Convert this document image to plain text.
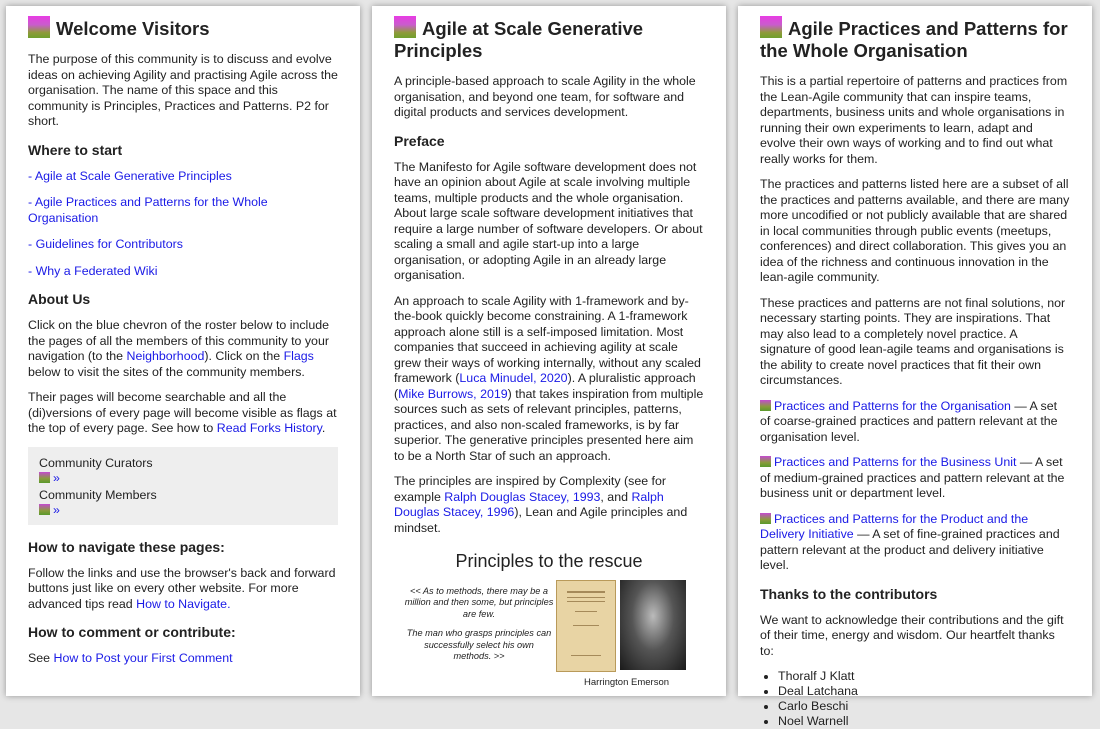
Welcome Visitors

The purpose of this community is to discuss and evolve ideas on achieving Agility and practising Agile across the organisation. The name of this space and this community is Principles, Practices and Patterns. P2 for short.

Where to start
- Agile at Scale Generative Principles
- Agile Practices and Patterns for the Whole Organisation
- Guidelines for Contributors
- Why a Federated Wiki
About Us

Click on the blue chevron of the roster below to include the pages of all the members of this community to your navigation (to the Neighborhood). Click on the Flags below to visit the sites of the community members.

Their pages will become searchable and all the (di)versions of every page will become visible as flags at the top of every page. See how to Read Forks History.

Community Curators
»
Community Members
»
How to navigate these pages:

Follow the links and use the browser's back and forward buttons just like on every other website. For more advanced tips read How to Navigate.

How to comment or contribute:

See How to Post your First Comment

Agile at Scale Generative Principles

A principle-based approach to scale Agility in the whole organisation, and beyond one team, for software and digital products and services development.

Preface

The Manifesto for Agile software development does not have an opinion about Agile at scale involving multiple teams, multiple products and the whole organisation. About large scale software development initiatives that require a large number of software developers. Or about scaling a small and agile start-up into a large organisation, or adopting Agile in an already large organisation.

An approach to scale Agility with 1-framework and by-the-book quickly become constraining. A 1-framework approach alone still is a self-imposed limitation. Most companies that succeed in achieving agility at scale grew their ways of working internally, without any scaled framework (Luca Minudel, 2020). A pluralistic approach (Mike Burrows, 2019) that takes inspiration from multiple sources such as sets of relevant principles, patterns, practices, and also non-scaled frameworks, is by far superior. The generative principles presented here aim to be a North Star of such an approach.

The principles are inspired by Complexity (see for example Ralph Douglas Stacey, 1993, and Ralph Douglas Stacey, 1996), Lean and Agile principles and mindset.

Principles to the rescue
<< As to methods, there may be a million and then some, but principles are few.
The man who grasps principles can successfully select his own methods. >>
Harrington Emerson
Agile Practices and Patterns for the Whole Organisation

This is a partial repertoire of patterns and practices from the Lean-Agile community that can inspire teams, departments, business units and whole organisations in running their own experiments to learn, adapt and evolve their own ways of working and to find out what really works for them.

The practices and patterns listed here are a subset of all the practices and patterns available, and there are many more uncodified or not publicly available that are shared in local communities through public events (meetups, conferences) and direct collaboration. This gives you an idea of the richness and continuous innovation in the lean-agile community.

These practices and patterns are not final solutions, nor necessary starting points. They are inspirations. That may also lead to a completely novel practice. A signature of good lean-agile teams and organisations is the ability to create novel practices that fit their own circumstances.

Practices and Patterns for the Organisation — A set of coarse-grained practices and pattern relevant at the organisation level.

Practices and Patterns for the Business Unit — A set of medium-grained practices and pattern relevant at the business unit or department level.

Practices and Patterns for the Product and the Delivery Initiative — A set of fine-grained practices and pattern relevant at the product and delivery initiative level.

Thanks to the contributors

We want to acknowledge their contributions and the gift of their time, energy and wisdom. Our heartfelt thanks to:

• Thoralf J Klatt
• Deal Latchana
• Carlo Beschi
• Noel Warnell
